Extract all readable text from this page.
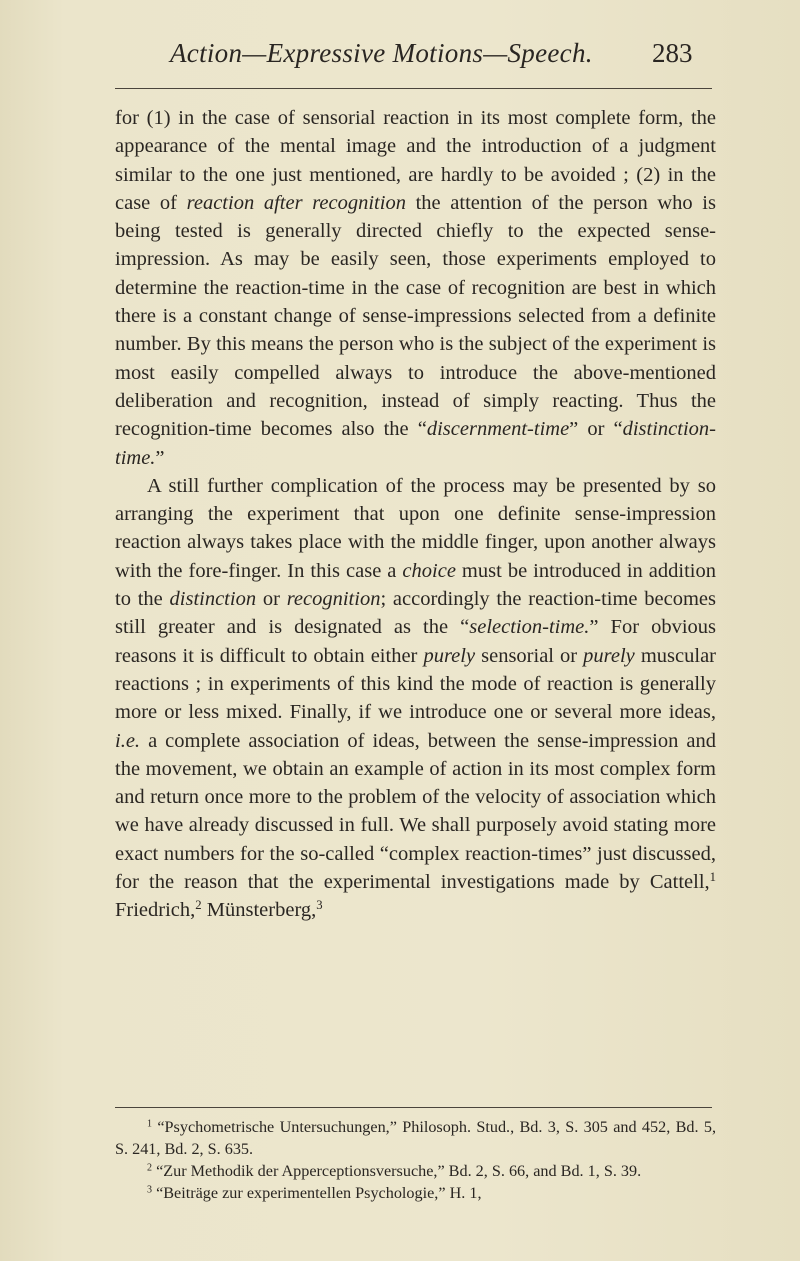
Action—Expressive Motions—Speech.	283

for (1) in the case of sensorial reaction in its most complete form, the appearance of the mental image and the introduction of a judgment similar to the one just mentioned, are hardly to be avoided ; (2) in the case of reaction after recognition the attention of the person who is being tested is generally directed chiefly to the expected sense-impression. As may be easily seen, those experiments employed to determine the reaction-time in the case of recognition are best in which there is a constant change of sense-impressions selected from a definite number. By this means the person who is the subject of the experiment is most easily compelled always to introduce the above-mentioned deliberation and recognition, instead of simply reacting. Thus the recognition-time becomes also the “discernment-time” or “distinction-time.”

A still further complication of the process may be presented by so arranging the experiment that upon one definite sense-impression reaction always takes place with the middle finger, upon another always with the fore-finger. In this case a choice must be introduced in addition to the distinction or recognition; accordingly the reaction-time becomes still greater and is designated as the “selection-time.” For obvious reasons it is difficult to obtain either purely sensorial or purely muscular reactions ; in experiments of this kind the mode of reaction is generally more or less mixed. Finally, if we introduce one or several more ideas, i.e. a complete association of ideas, between the sense-impression and the movement, we obtain an example of action in its most complex form and return once more to the problem of the velocity of association which we have already discussed in full. We shall purposely avoid stating more exact numbers for the so-called “complex reaction-times” just discussed, for the reason that the experimental investigations made by Cattell,$^1$ Friedrich,$^2$ Münsterberg,$^3$

$^1$ “Psychometrische Untersuchungen,” Philosoph. Stud., Bd. 3, S. 305 and 452, Bd. 5, S. 241, Bd. 2, S. 635.

$^2$ “Zur Methodik der Apperceptionsversuche,” Bd. 2, S. 66, and Bd. 1, S. 39.

$^3$ “Beiträge zur experimentellen Psychologie,” H. 1,
